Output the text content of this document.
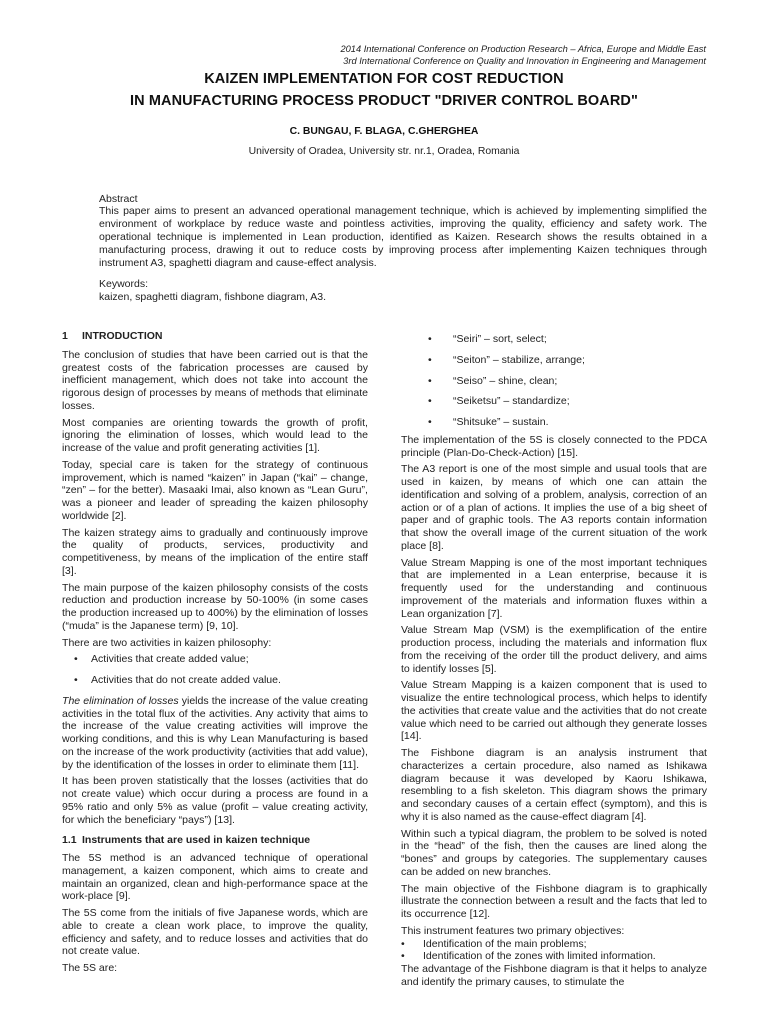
2014 International Conference on Production Research – Africa, Europe and Middle East
3rd International Conference on Quality and Innovation in Engineering and Management
KAIZEN IMPLEMENTATION FOR COST REDUCTION
IN MANUFACTURING PROCESS PRODUCT "DRIVER CONTROL BOARD"
C. BUNGAU, F. BLAGA, C.GHERGHEA
University of Oradea, University str. nr.1, Oradea, Romania
Abstract
This paper aims to present an advanced operational management technique, which is achieved by implementing simplified the environment of workplace by reduce waste and pointless activities, improving the quality, efficiency and safety work. The operational technique is implemented in Lean production, identified as Kaizen. Research shows the results obtained in a manufacturing process, drawing it out to reduce costs by improving process after implementing Kaizen techniques through instrument A3, spaghetti diagram and cause-effect analysis.
Keywords:
kaizen, spaghetti diagram, fishbone diagram, A3.
1 INTRODUCTION

The conclusion of studies that have been carried out is that the greatest costs of the fabrication processes are caused by inefficient management, which does not take into account the rigorous design of processes by means of methods that eliminate losses.

Most companies are orienting towards the growth of profit, ignoring the elimination of losses, which would lead to the increase of the value and profit generating activities [1].

Today, special care is taken for the strategy of continuous improvement, which is named “kaizen” in Japan (“kai” – change, “zen” – for the better). Masaaki Imai, also known as “Lean Guru”, was a pioneer and leader of spreading the kaizen philosophy worldwide [2].

The kaizen strategy aims to gradually and continuously improve the quality of products, services, productivity and competitiveness, by means of the implication of the entire staff [3].

The main purpose of the kaizen philosophy consists of the costs reduction and production increase by 50-100% (in some cases the production increased up to 400%) by the elimination of losses (“muda” is the Japanese term) [9, 10].

There are two activities in kaizen philosophy:

• Activities that create added value;
• Activities that do not create added value.

The elimination of losses yields the increase of the value creating activities in the total flux of the activities. Any activity that aims to the increase of the value creating activities will improve the working conditions, and this is why Lean Manufacturing is based on the increase of the work productivity (activities that add value), by the identification of the losses in order to eliminate them [11].

It has been proven statistically that the losses (activities that do not create value) which occur during a process are found in a 95% ratio and only 5% as value (profit – value creating activity, for which the beneficiary “pays”) [13].

1.1 Instruments that are used in kaizen technique

The 5S method is an advanced technique of operational management, a kaizen component, which aims to create and maintain an organized, clean and high-performance space at the work-place [9].

The 5S come from the initials of five Japanese words, which are able to create a clean work place, to improve the quality, efficiency and safety, and to reduce losses and activities that do not create value.

The 5S are:

• “Seiri” – sort, select;
• “Seiton” – stabilize, arrange;
• “Seiso” – shine, clean;
• “Seiketsu” – standardize;
• “Shitsuke” – sustain.

The implementation of the 5S is closely connected to the PDCA principle (Plan-Do-Check-Action) [15].

The A3 report is one of the most simple and usual tools that are used in kaizen, by means of which one can attain the identification and solving of a problem, analysis, correction of an action or of a plan of actions. It implies the use of a big sheet of paper and of graphic tools. The A3 reports contain information that show the overall image of the current situation of the work place [8].

Value Stream Mapping is one of the most important techniques that are implemented in a Lean enterprise, because it is frequently used for the understanding and continuous improvement of the materials and information fluxes within a Lean organization [7].

Value Stream Map (VSM) is the exemplification of the entire production process, including the materials and information flux from the receiving of the order till the product delivery, and aims to identify losses [5].

Value Stream Mapping is a kaizen component that is used to visualize the entire technological process, which helps to identify the activities that create value and the activities that do not create value which need to be carried out although they generate losses [14].

The Fishbone diagram is an analysis instrument that characterizes a certain procedure, also named as Ishikawa diagram because it was developed by Kaoru Ishikawa, resembling to a fish skeleton. This diagram shows the primary and secondary causes of a certain effect (symptom), and this is why it is also named as the cause-effect diagram [4].

Within such a typical diagram, the problem to be solved is noted in the “head” of the fish, then the causes are lined along the “bones” and groups by categories. The supplementary causes can be added on new branches.

The main objective of the Fishbone diagram is to graphically illustrate the connection between a result and the facts that led to its occurrence [12].

This instrument features two primary objectives:

• Identification of the main problems;
• Identification of the zones with limited information.

The advantage of the Fishbone diagram is that it helps to analyze and identify the primary causes, to stimulate the
